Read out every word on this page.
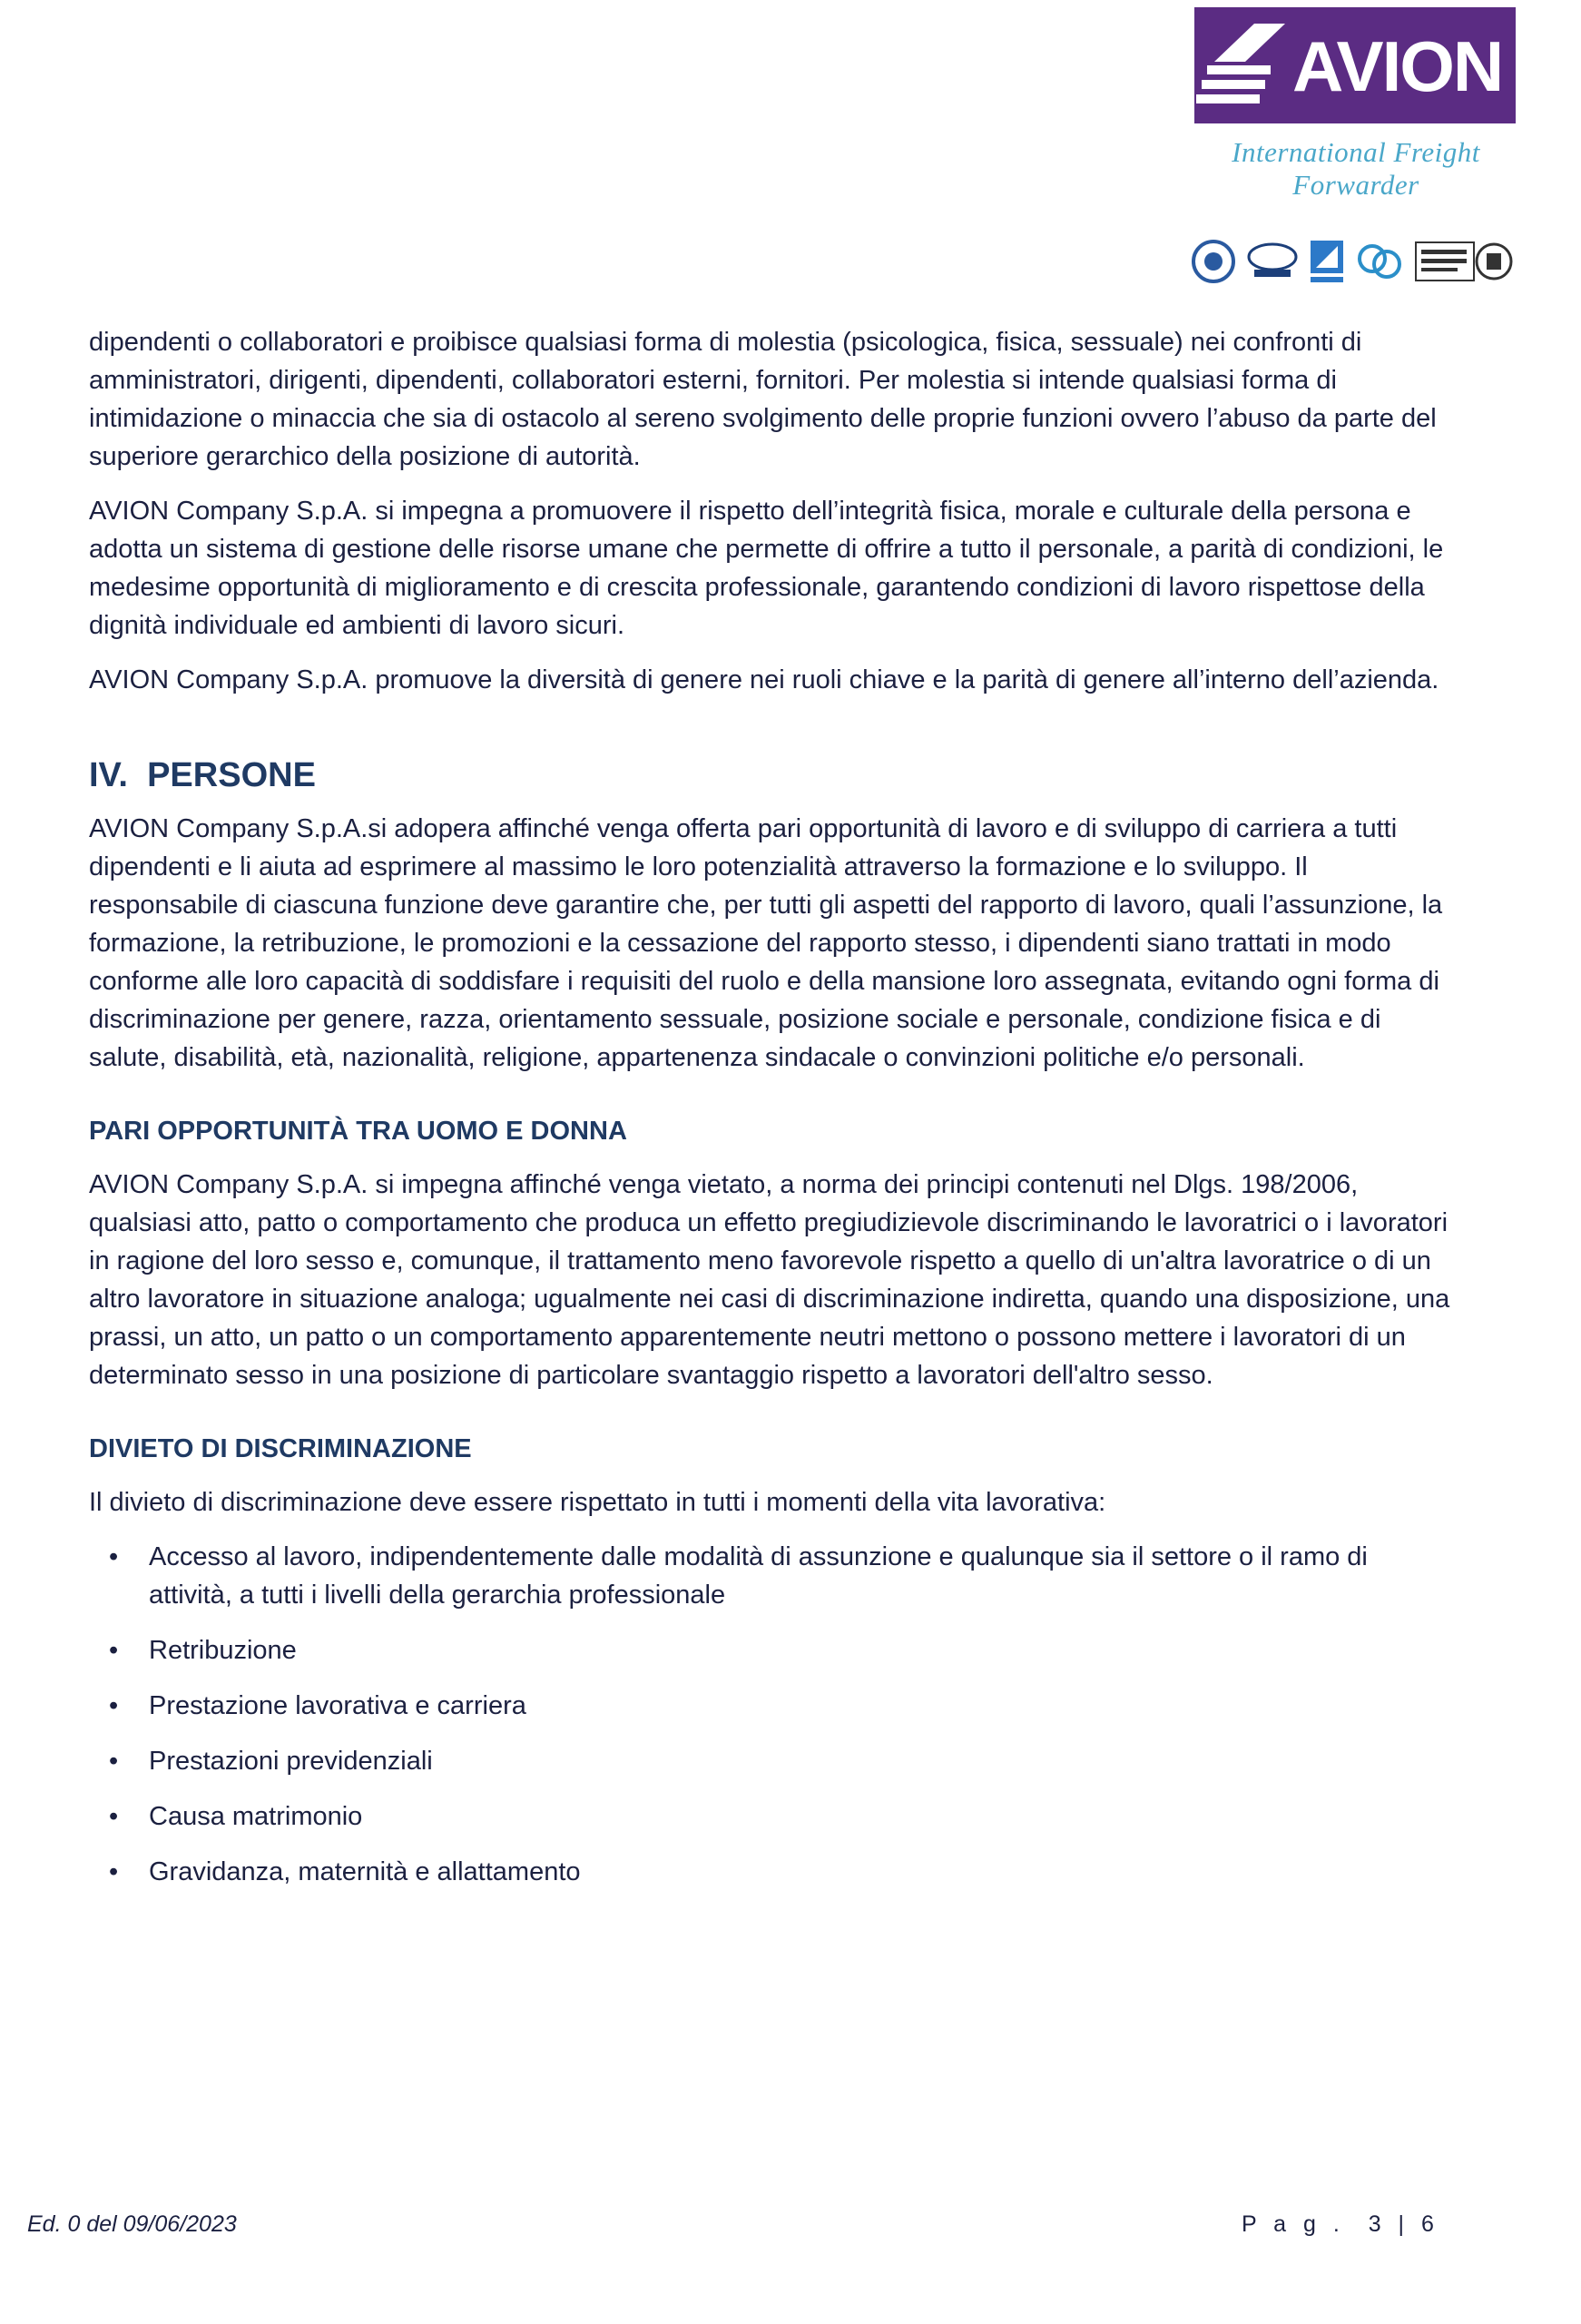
AVION
International Freight Forwarder

dipendenti o collaboratori e proibisce qualsiasi forma di molestia (psicologica, fisica, sessuale) nei confronti di amministratori, dirigenti, dipendenti, collaboratori esterni, fornitori. Per molestia si intende qualsiasi forma di intimidazione o minaccia che sia di ostacolo al sereno svolgimento delle proprie funzioni ovvero l’abuso da parte del superiore gerarchico della posizione di autorità.

AVION Company S.p.A. si impegna a promuovere il rispetto dell’integrità fisica, morale e culturale della persona e adotta un sistema di gestione delle risorse umane che permette di offrire a tutto il personale, a parità di condizioni, le medesime opportunità di miglioramento e di crescita professionale, garantendo condizioni di lavoro rispettose della dignità individuale ed ambienti di lavoro sicuri.

AVION Company S.p.A. promuove la diversità di genere nei ruoli chiave e la parità di genere all’interno dell’azienda.

IV.  PERSONE

AVION Company S.p.A.si adopera affinché venga offerta pari opportunità di lavoro e di sviluppo di carriera a tutti dipendenti e li aiuta ad esprimere al massimo le loro potenzialità attraverso la formazione e lo sviluppo. Il responsabile di ciascuna funzione deve garantire che, per tutti gli aspetti del rapporto di lavoro, quali l’assunzione, la formazione, la retribuzione, le promozioni e la cessazione del rapporto stesso, i dipendenti siano trattati in modo conforme alle loro capacità di soddisfare i requisiti del ruolo e della mansione loro assegnata, evitando ogni forma di discriminazione per genere, razza, orientamento sessuale, posizione sociale e personale, condizione fisica e di salute, disabilità, età, nazionalità, religione, appartenenza sindacale o convinzioni politiche e/o personali.

PARI OPPORTUNITÀ TRA UOMO E DONNA

AVION Company S.p.A. si impegna affinché venga vietato, a norma dei principi contenuti nel Dlgs. 198/2006, qualsiasi atto, patto o comportamento che produca un effetto pregiudizievole discriminando le lavoratrici o i lavoratori in ragione del loro sesso e, comunque, il trattamento meno favorevole rispetto a quello di un'altra lavoratrice o di un altro lavoratore in situazione analoga; ugualmente nei casi di discriminazione indiretta, quando una disposizione, una prassi, un atto, un patto o un comportamento apparentemente neutri mettono o possono mettere i lavoratori di un determinato sesso in una posizione di particolare svantaggio rispetto a lavoratori dell'altro sesso.

DIVIETO DI DISCRIMINAZIONE

Il divieto di discriminazione deve essere rispettato in tutti i momenti della vita lavorativa:

• Accesso al lavoro, indipendentemente dalle modalità di assunzione e qualunque sia il settore o il ramo di attività, a tutti i livelli della gerarchia professionale
• Retribuzione
• Prestazione lavorativa e carriera
• Prestazioni previdenziali
• Causa matrimonio
• Gravidanza, maternità e allattamento
Ed. 0 del 09/06/2023	P a g .  3 | 6
